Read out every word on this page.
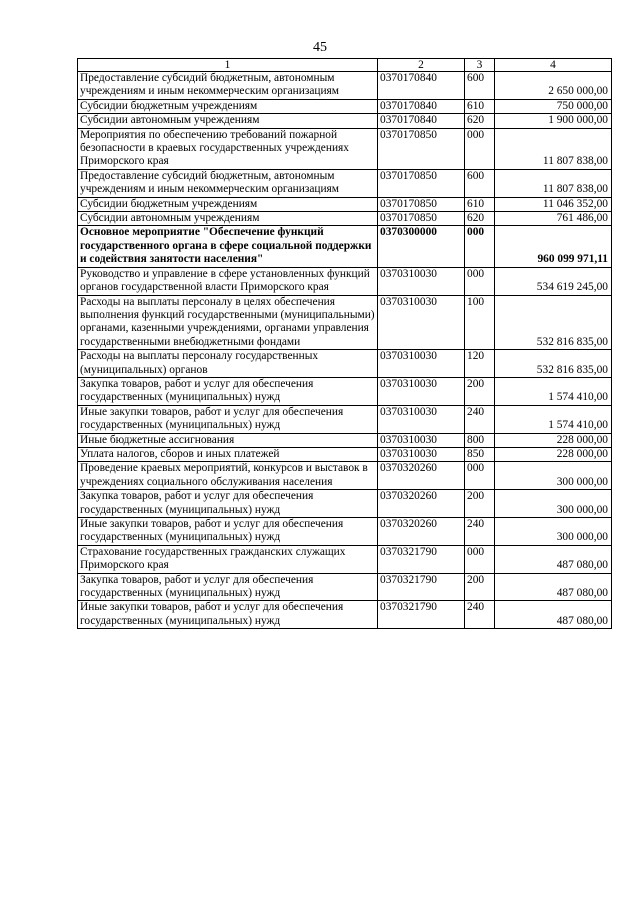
45
1	2	3	4
Предоставление субсидий бюджетным, автономным учреждениям и иным некоммерческим организациям	0370170840	600	2 650 000,00
Субсидии бюджетным учреждениям	0370170840	610	750 000,00
Субсидии автономным учреждениям	0370170840	620	1 900 000,00
Мероприятия по обеспечению требований пожарной безопасности в краевых государственных учреждениях Приморского края	0370170850	000	11 807 838,00
Предоставление субсидий бюджетным, автономным учреждениям и иным некоммерческим организациям	0370170850	600	11 807 838,00
Субсидии бюджетным учреждениям	0370170850	610	11 046 352,00
Субсидии автономным учреждениям	0370170850	620	761 486,00
Основное мероприятие "Обеспечение функций государственного органа в сфере социальной поддержки и содействия занятости населения"	0370300000	000	960 099 971,11
Руководство и управление в сфере установленных функций органов государственной власти Приморского края	0370310030	000	534 619 245,00
Расходы на выплаты персоналу в целях обеспечения выполнения функций государственными (муниципальными) органами, казенными учреждениями, органами управления государственными внебюджетными фондами	0370310030	100	532 816 835,00
Расходы на выплаты персоналу государственных (муниципальных) органов	0370310030	120	532 816 835,00
Закупка товаров, работ и услуг для обеспечения государственных (муниципальных) нужд	0370310030	200	1 574 410,00
Иные закупки товаров, работ и услуг для обеспечения государственных (муниципальных) нужд	0370310030	240	1 574 410,00
Иные бюджетные ассигнования	0370310030	800	228 000,00
Уплата налогов, сборов и иных платежей	0370310030	850	228 000,00
Проведение краевых мероприятий, конкурсов и выставок в учреждениях социального обслуживания населения	0370320260	000	300 000,00
Закупка товаров, работ и услуг для обеспечения государственных (муниципальных) нужд	0370320260	200	300 000,00
Иные закупки товаров, работ и услуг для обеспечения государственных (муниципальных) нужд	0370320260	240	300 000,00
Страхование государственных гражданских служащих Приморского края	0370321790	000	487 080,00
Закупка товаров, работ и услуг для обеспечения государственных (муниципальных) нужд	0370321790	200	487 080,00
Иные закупки товаров, работ и услуг для обеспечения государственных (муниципальных) нужд	0370321790	240	487 080,00
